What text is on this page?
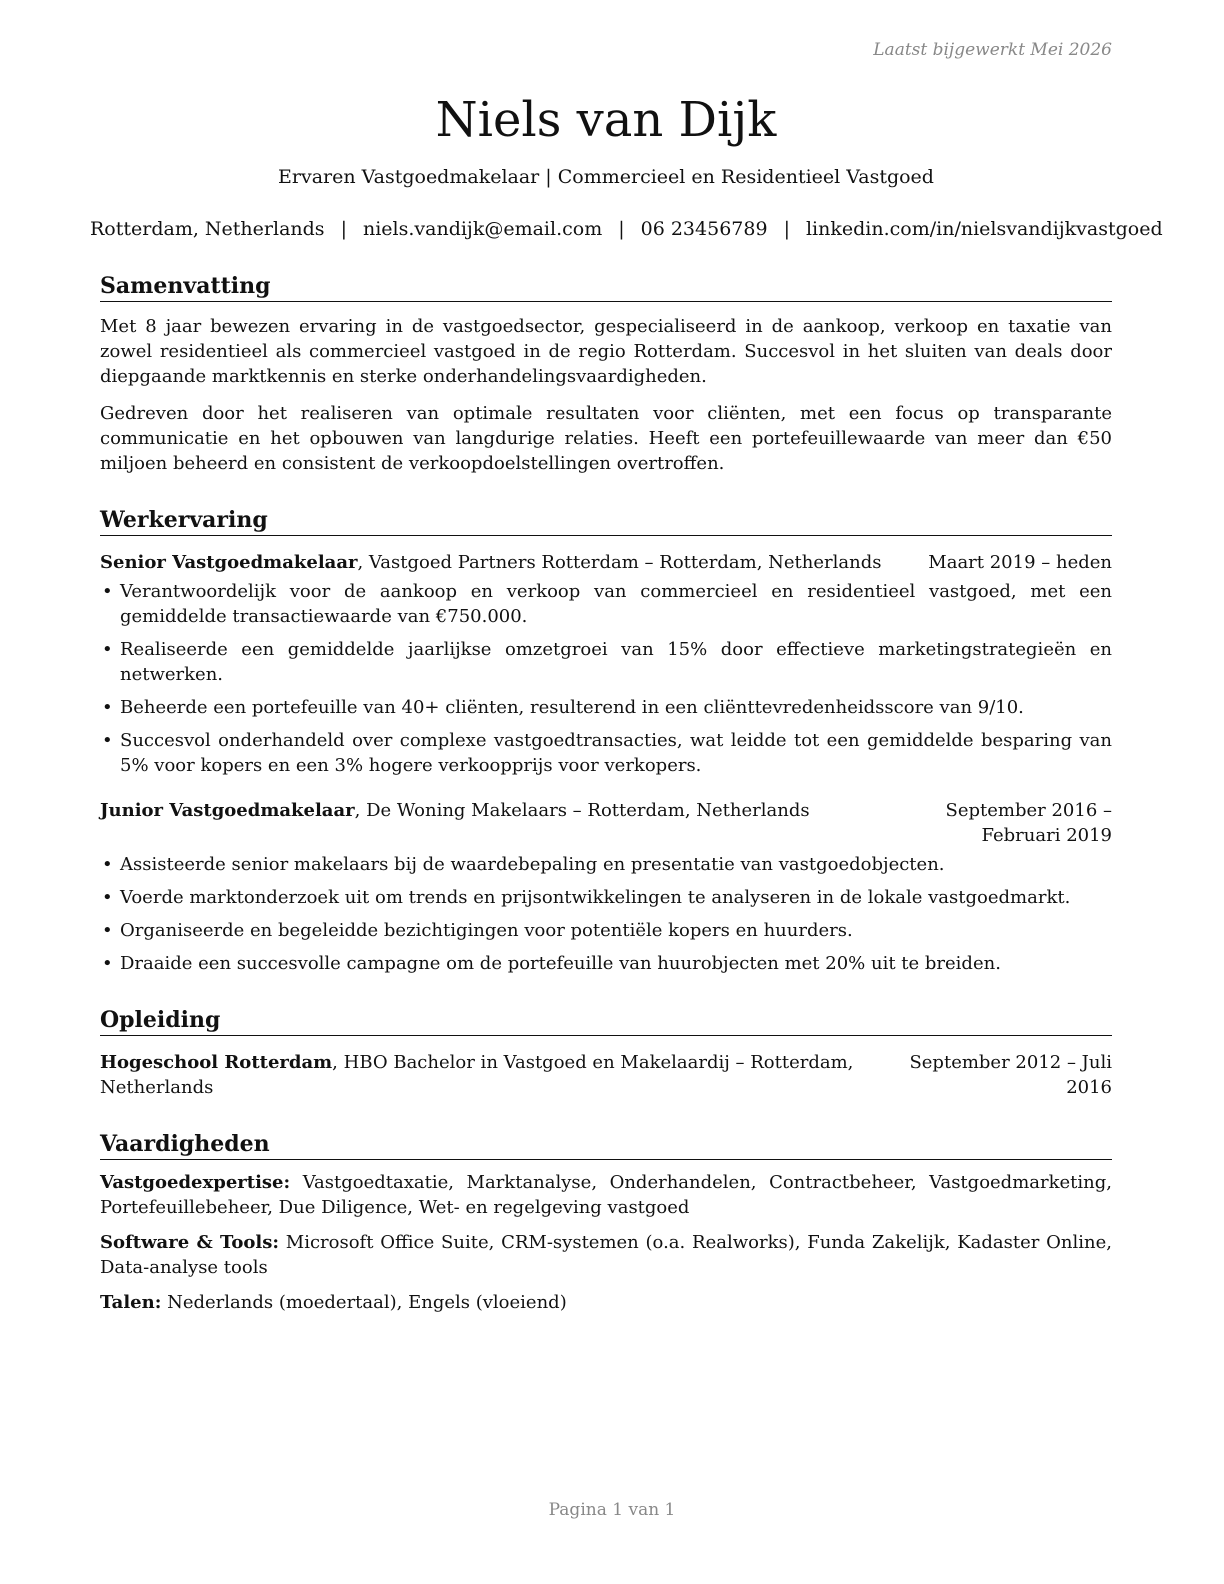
Laatst bijgewerkt Mei 2026
Niels van Dijk
Ervaren Vastgoedmakelaar | Commercieel en Residentieel Vastgoed
Rotterdam, Netherlands | niels.vandijk@email.com | 06 23456789 | linkedin.com/in/nielsvandijkvastgoed
Samenvatting

Met 8 jaar bewezen ervaring in de vastgoedsector, gespecialiseerd in de aankoop, verkoop en taxatie van zowel residentieel als commercieel vastgoed in de regio Rotterdam. Succesvol in het sluiten van deals door diepgaande marktkennis en sterke onderhandelingsvaardigheden.

Gedreven door het realiseren van optimale resultaten voor cliënten, met een focus op transparante communicatie en het opbouwen van langdurige relaties. Heeft een portefeuillewaarde van meer dan €50 miljoen beheerd en consistent de verkoopdoelstellingen overtroffen.

Werkervaring
Senior Vastgoedmakelaar, Vastgoed Partners Rotterdam – Rotterdam, Netherlands	Maart 2019 – heden
• Verantwoordelijk voor de aankoop en verkoop van commercieel en residentieel vastgoed, met een gemiddelde transactiewaarde van €750.000.
• Realiseerde een gemiddelde jaarlijkse omzetgroei van 15% door effectieve marketingstrategieën en netwerken.
• Beheerde een portefeuille van 40+ cliënten, resulterend in een cliënttevredenheidsscore van 9/10.
• Succesvol onderhandeld over complexe vastgoedtransacties, wat leidde tot een gemiddelde besparing van 5% voor kopers en een 3% hogere verkoopprijs voor verkopers.
Junior Vastgoedmakelaar, De Woning Makelaars – Rotterdam, Netherlands	September 2016 – Februari 2019
• Assisteerde senior makelaars bij de waardebepaling en presentatie van vastgoedobjecten.
• Voerde marktonderzoek uit om trends en prijsontwikkelingen te analyseren in de lokale vastgoedmarkt.
• Organiseerde en begeleidde bezichtigingen voor potentiële kopers en huurders.
• Draaide een succesvolle campagne om de portefeuille van huurobjecten met 20% uit te breiden.
Opleiding
Hogeschool Rotterdam, HBO Bachelor in Vastgoed en Makelaardij – Rotterdam, Netherlands
September 2012 – Juli 2016
Vaardigheden
Vastgoedexpertise: Vastgoedtaxatie, Marktanalyse, Onderhandelen, Contractbeheer, Vastgoedmarketing, Portefeuillebeheer, Due Diligence, Wet- en regelgeving vastgoed
Software & Tools: Microsoft Office Suite, CRM-systemen (o.a. Realworks), Funda Zakelijk, Kadaster Online, Data-analyse tools
Talen: Nederlands (moedertaal), Engels (vloeiend)
Pagina 1 van 1
